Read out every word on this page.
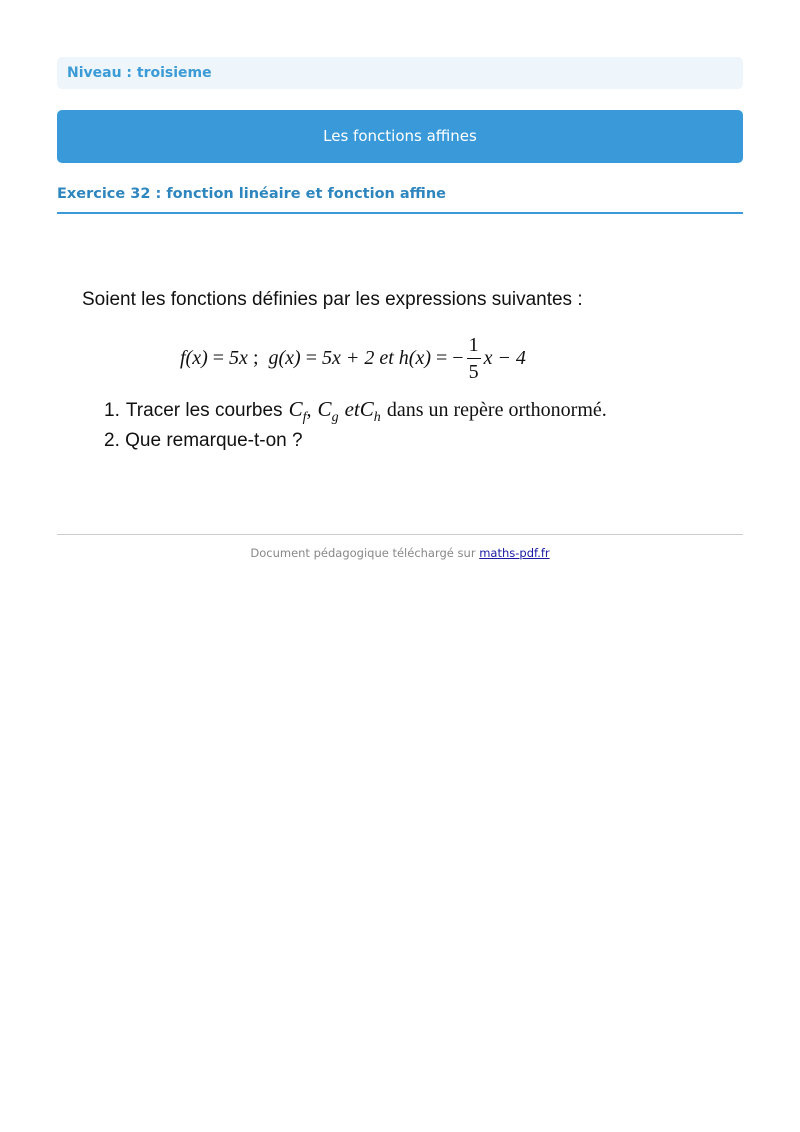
Niveau : troisieme
Les fonctions affines
Exercice 32 : fonction linéaire et fonction affine
Soient les fonctions définies par les expressions suivantes :
f(x)
=
5x
;
g(x)
=
5x + 2
et
h(x)
=
− $\frac{1}{5}$ x − 4
1. Tracer les courbes $C_f$, $C_g$ etC$_h$ dans un repère orthonormé.
2. Que remarque-t-on ?
Document pédagogique téléchargé sur maths-pdf.fr
